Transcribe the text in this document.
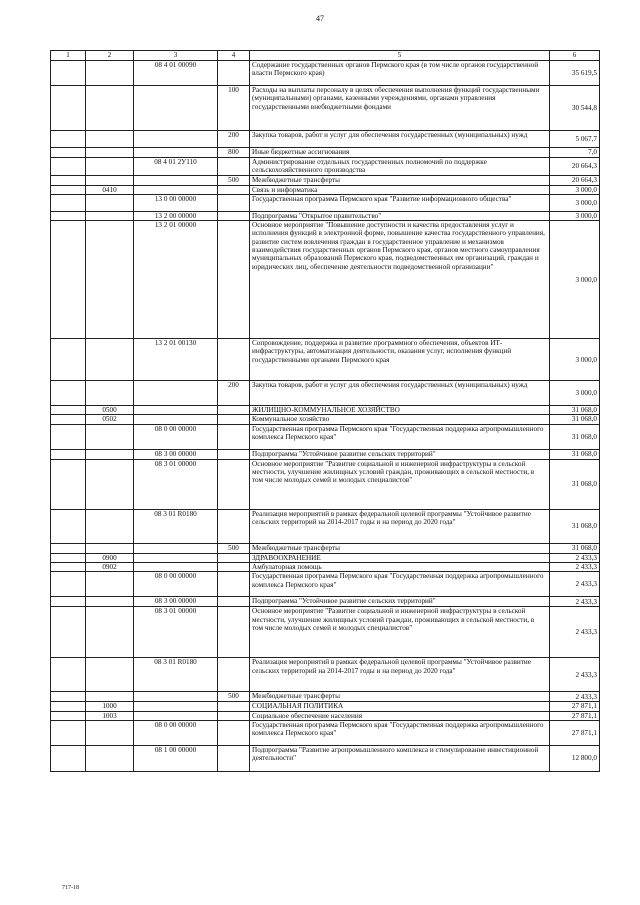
47
1	2	3	4	5	6
		08 4 01 00090		Содержание государственных органов Пермского края (в том числе органов государственной власти Пермского края)	35 619,5
			100	Расходы на выплаты персоналу в целях обеспечения выполнения функций государственными (муниципальными) органами, казенными учреждениями, органами управления государственными внебюджетными фондами	30 544,8
			200	Закупка товаров, работ и услуг для обеспечения государственных (муниципальных) нужд	5 067,7
			800	Иные бюджетные ассигнования	7,0
		08 4 01 2У110		Администрирование отдельных государственных полномочий по поддержке сельскохозяйственного производства	20 664,3
			500	Межбюджетные трансферты	20 664,3
	0410			Связь и информатика	3 000,0
		13 0 00 00000		Государственная программа Пермского края "Развитие информационного общества"	3 000,0
		13 2 00 00000		Подпрограмма "Открытое правительство"	3 000,0
		13 2 01 00000		Основное мероприятие "Повышение доступности и качества предоставления услуг и исполнения функций в электронной форме, повышение качества государственного управления, развитие систем вовлечения граждан в государственное управление и механизмов взаимодействия государственных органов Пермского края, органов местного самоуправления муниципальных образований Пермского края, подведомственных им организаций, граждан и юридических лиц, обеспечение деятельности подведомственной организации"	3 000,0
		13 2 01 00130		Сопровождение, поддержка и развитие программного обеспечения, объектов ИТ-инфраструктуры, автоматизация деятельности, оказания услуг, исполнения функций государственными органами Пермского края	3 000,0
			200	Закупка товаров, работ и услуг для обеспечения государственных (муниципальных) нужд	3 000,0
	0500			ЖИЛИЩНО-КОММУНАЛЬНОЕ ХОЗЯЙСТВО	31 068,0
	0502			Коммунальное хозяйство	31 068,0
		08 0 00 00000		Государственная программа Пермского края "Государственная поддержка агропромышленного комплекса Пермского края"	31 068,0
		08 3 00 00000		Подпрограмма "Устойчивое развитие сельских территорий"	31 068,0
		08 3 01 00000		Основное мероприятие "Развитие социальной и инженерной инфраструктуры в сельской местности, улучшение жилищных условий граждан, проживающих в сельской местности, в том числе молодых семей и молодых специалистов"	31 068,0
		08 3 01 R0180		Реализация мероприятий в рамках федеральной целевой программы "Устойчивое развитие сельских территорий на 2014-2017 годы и на период до 2020 года"	31 068,0
			500	Межбюджетные трансферты	31 068,0
	0900			ЗДРАВООХРАНЕНИЕ	2 433,3
	0902			Амбулаторная помощь	2 433,3
		08 0 00 00000		Государственная программа Пермского края "Государственная поддержка агропромышленного комплекса Пермского края"	2 433,3
		08 3 00 00000		Подпрограмма "Устойчивое развитие сельских территорий"	2 433,3
		08 3 01 00000		Основное мероприятие "Развитие социальной и инженерной инфраструктуры в сельской местности, улучшение жилищных условий граждан, проживающих в сельской местности, в том числе молодых семей и молодых специалистов"	2 433,3
		08 3 01 R0180		Реализация мероприятий в рамках федеральной целевой программы "Устойчивое развитие сельских территорий на 2014-2017 годы и на период до 2020 года"	2 433,3
			500	Межбюджетные трансферты	2 433,3
	1000			СОЦИАЛЬНАЯ ПОЛИТИКА	27 871,1
	1003			Социальное обеспечение населения	27 871,1
		08 0 00 00000		Государственная программа Пермского края "Государственная поддержка агропромышленного комплекса Пермского края"	27 871,1
		08 1 00 00000		Подпрограмма "Развитие агропромышленного комплекса и стимулирование инвестиционной деятельности"	12 800,0
717-18
